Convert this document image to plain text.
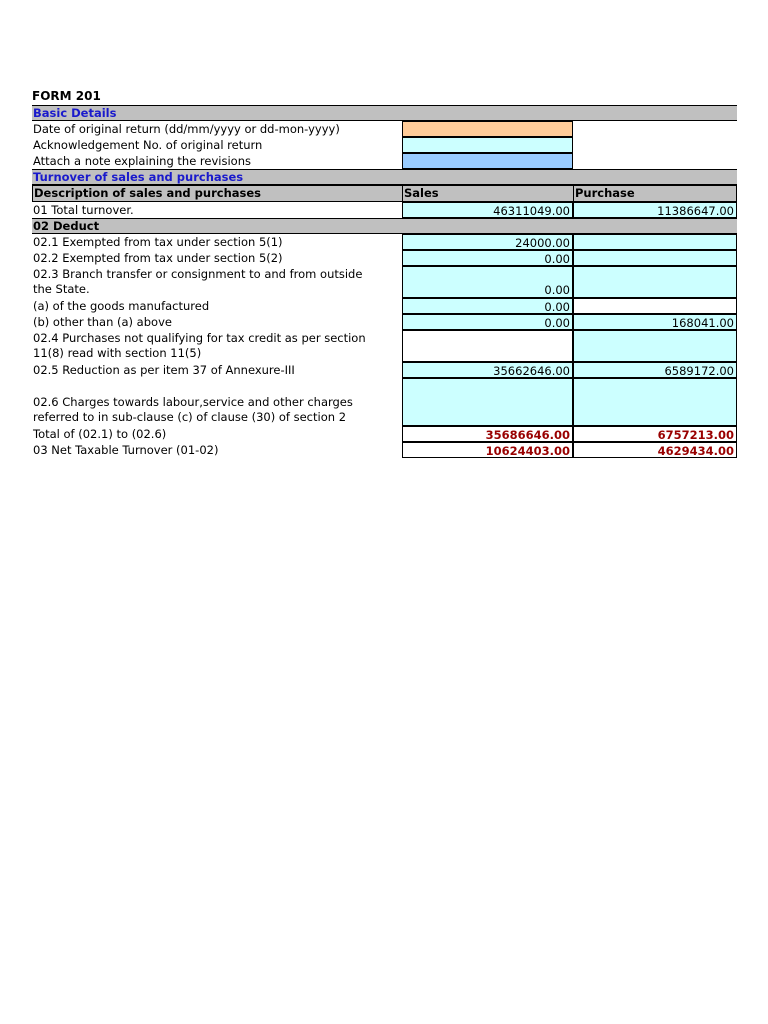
FORM 201
Basic Details
Date of original return (dd/mm/yyyy or dd-mon-yyyy)
Acknowledgement No. of original return
Attach a note explaining the revisions
Turnover of sales and purchases
Description of sales and purchases	Sales	Purchase
01 Total turnover.	46311049.00	11386647.00
02 Deduct
02.1 Exempted from tax under section 5(1)	24000.00
02.2 Exempted from tax under section 5(2)	0.00
02.3 Branch transfer or consignment to and from outside
the State.	0.00
(a) of the goods manufactured	0.00
(b) other than (a) above	0.00	168041.00
02.4 Purchases not qualifying for tax credit as per section
11(8) read with section 11(5)
02.5 Reduction as per item 37 of Annexure-III	35662646.00	6589172.00
02.6 Charges towards labour,service and other charges
referred to in sub-clause (c) of clause (30) of section 2
Total of (02.1) to (02.6)	35686646.00	6757213.00
03 Net Taxable Turnover (01-02)	10624403.00	4629434.00
